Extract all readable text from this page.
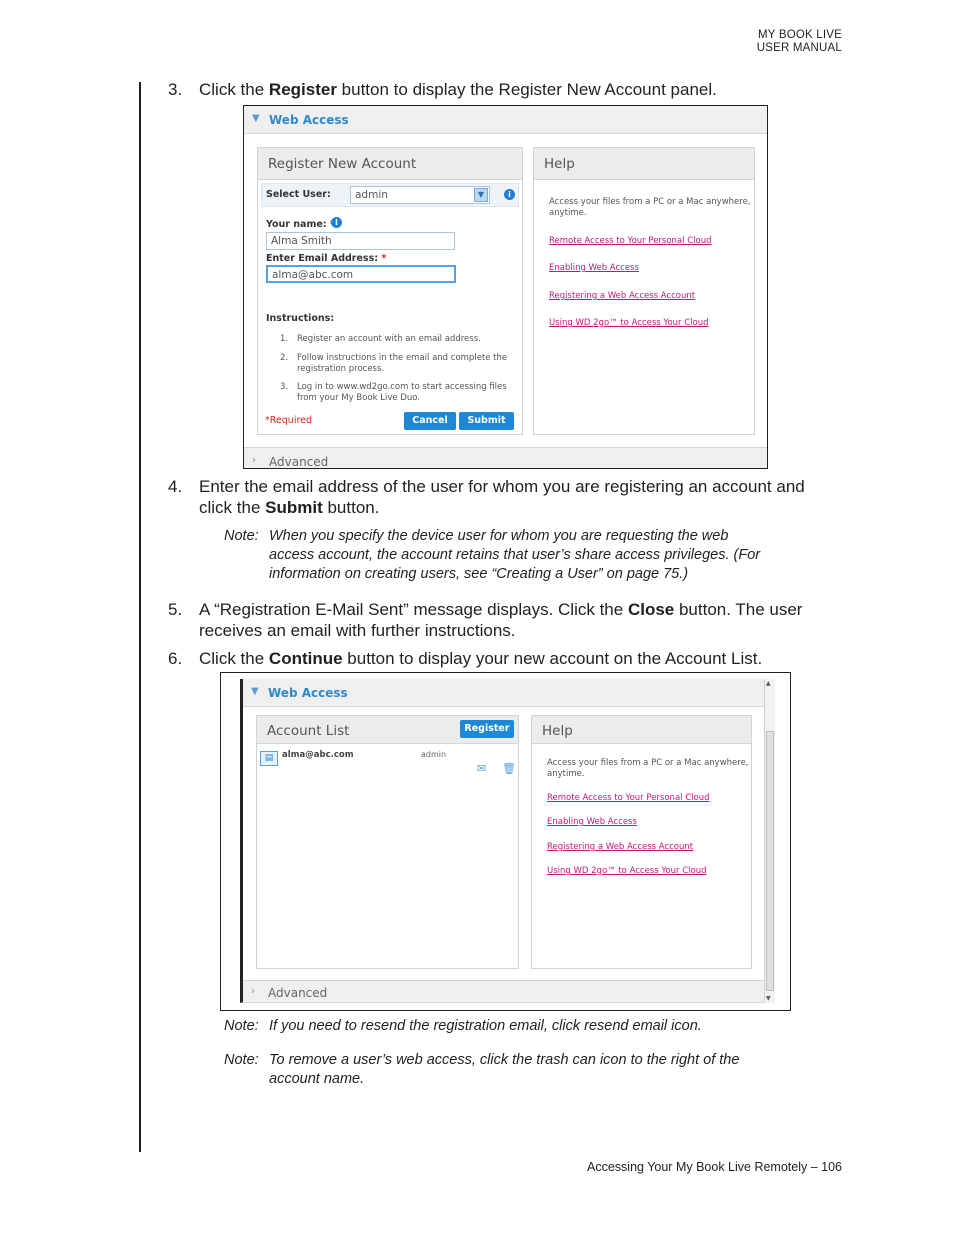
MY BOOK LIVE
USER MANUAL
3. Click the Register button to display the Register New Account panel.
▼ Web Access
Register New Account
Select User:	admin	▼	i
Your name:	i
Alma Smith
Enter Email Address: *
alma@abc.com
Instructions:
1. Register an account with an email address.
2. Follow instructions in the email and complete the
registration process.
3. Log in to www.wd2go.com to start accessing files
from your My Book Live Duo.
*Required	Cancel	Submit
Help
Access your files from a PC or a Mac anywhere,
anytime.
Remote Access to Your Personal Cloud
Enabling Web Access
Registering a Web Access Account
Using WD 2go™ to Access Your Cloud
› Advanced
4. Enter the email address of the user for whom you are registering an account and
click the Submit button.
Note: When you specify the device user for whom you are requesting the web
access account, the account retains that user’s share access privileges. (For
information on creating users, see “Creating a User” on page 75.)
5. A “Registration E-Mail Sent” message displays. Click the Close button. The user
receives an email with further instructions.
6. Click the Continue button to display your new account on the Account List.
▼ Web Access
Account List	Register
▤	alma@abc.com	admin
✉ 🗑
Help
Access your files from a PC or a Mac anywhere,
anytime.
Remote Access to Your Personal Cloud
Enabling Web Access
Registering a Web Access Account
Using WD 2go™ to Access Your Cloud
› Advanced
▲
▼
Note: If you need to resend the registration email, click resend email icon.
Note: To remove a user’s web access, click the trash can icon to the right of the
account name.
Accessing Your My Book Live Remotely – 106
